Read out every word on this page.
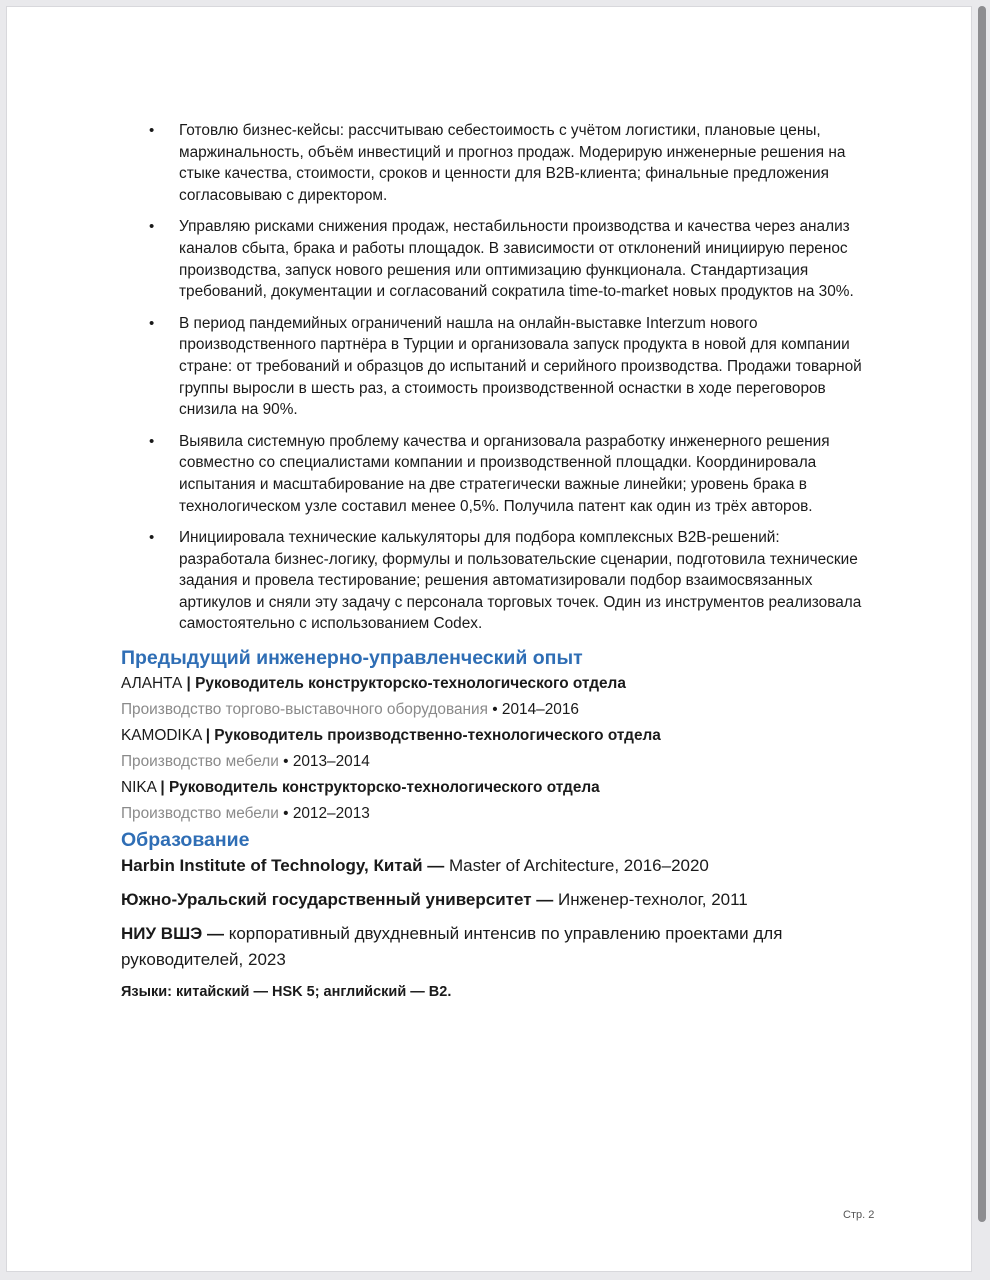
• Готовлю бизнес-кейсы: рассчитываю себестоимость с учётом логистики, плановые цены, маржинальность, объём инвестиций и прогноз продаж. Модерирую инженерные решения на стыке качества, стоимости, сроков и ценности для B2B-клиента; финальные предложения согласовываю с директором.
• Управляю рисками снижения продаж, нестабильности производства и качества через анализ каналов сбыта, брака и работы площадок. В зависимости от отклонений инициирую перенос производства, запуск нового решения или оптимизацию функционала. Стандартизация требований, документации и согласований сократила time-to-market новых продуктов на 30%.
• В период пандемийных ограничений нашла на онлайн-выставке Interzum нового производственного партнёра в Турции и организовала запуск продукта в новой для компании стране: от требований и образцов до испытаний и серийного производства. Продажи товарной группы выросли в шесть раз, а стоимость производственной оснастки в ходе переговоров снизила на 90%.
• Выявила системную проблему качества и организовала разработку инженерного решения совместно со специалистами компании и производственной площадки. Координировала испытания и масштабирование на две стратегически важные линейки; уровень брака в технологическом узле составил менее 0,5%. Получила патент как один из трёх авторов.
• Инициировала технические калькуляторы для подбора комплексных B2B-решений: разработала бизнес-логику, формулы и пользовательские сценарии, подготовила технические задания и провела тестирование; решения автоматизировали подбор взаимосвязанных артикулов и сняли эту задачу с персонала торговых точек. Один из инструментов реализовала самостоятельно с использованием Codex.
Предыдущий инженерно-управленческий опыт

АЛАНТА | Руководитель конструкторско-технологического отдела

Производство торгово-выставочного оборудования • 2014–2016

KAMODIKA | Руководитель производственно-технологического отдела

Производство мебели • 2013–2014

NIKA | Руководитель конструкторско-технологического отдела

Производство мебели • 2012–2013

Образование

Harbin Institute of Technology, Китай — Master of Architecture, 2016–2020

Южно-Уральский государственный университет — Инженер-технолог, 2011

НИУ ВШЭ — корпоративный двухдневный интенсив по управлению проектами для руководителей, 2023

Языки: китайский — HSK 5; английский — B2.
Стр. 2
